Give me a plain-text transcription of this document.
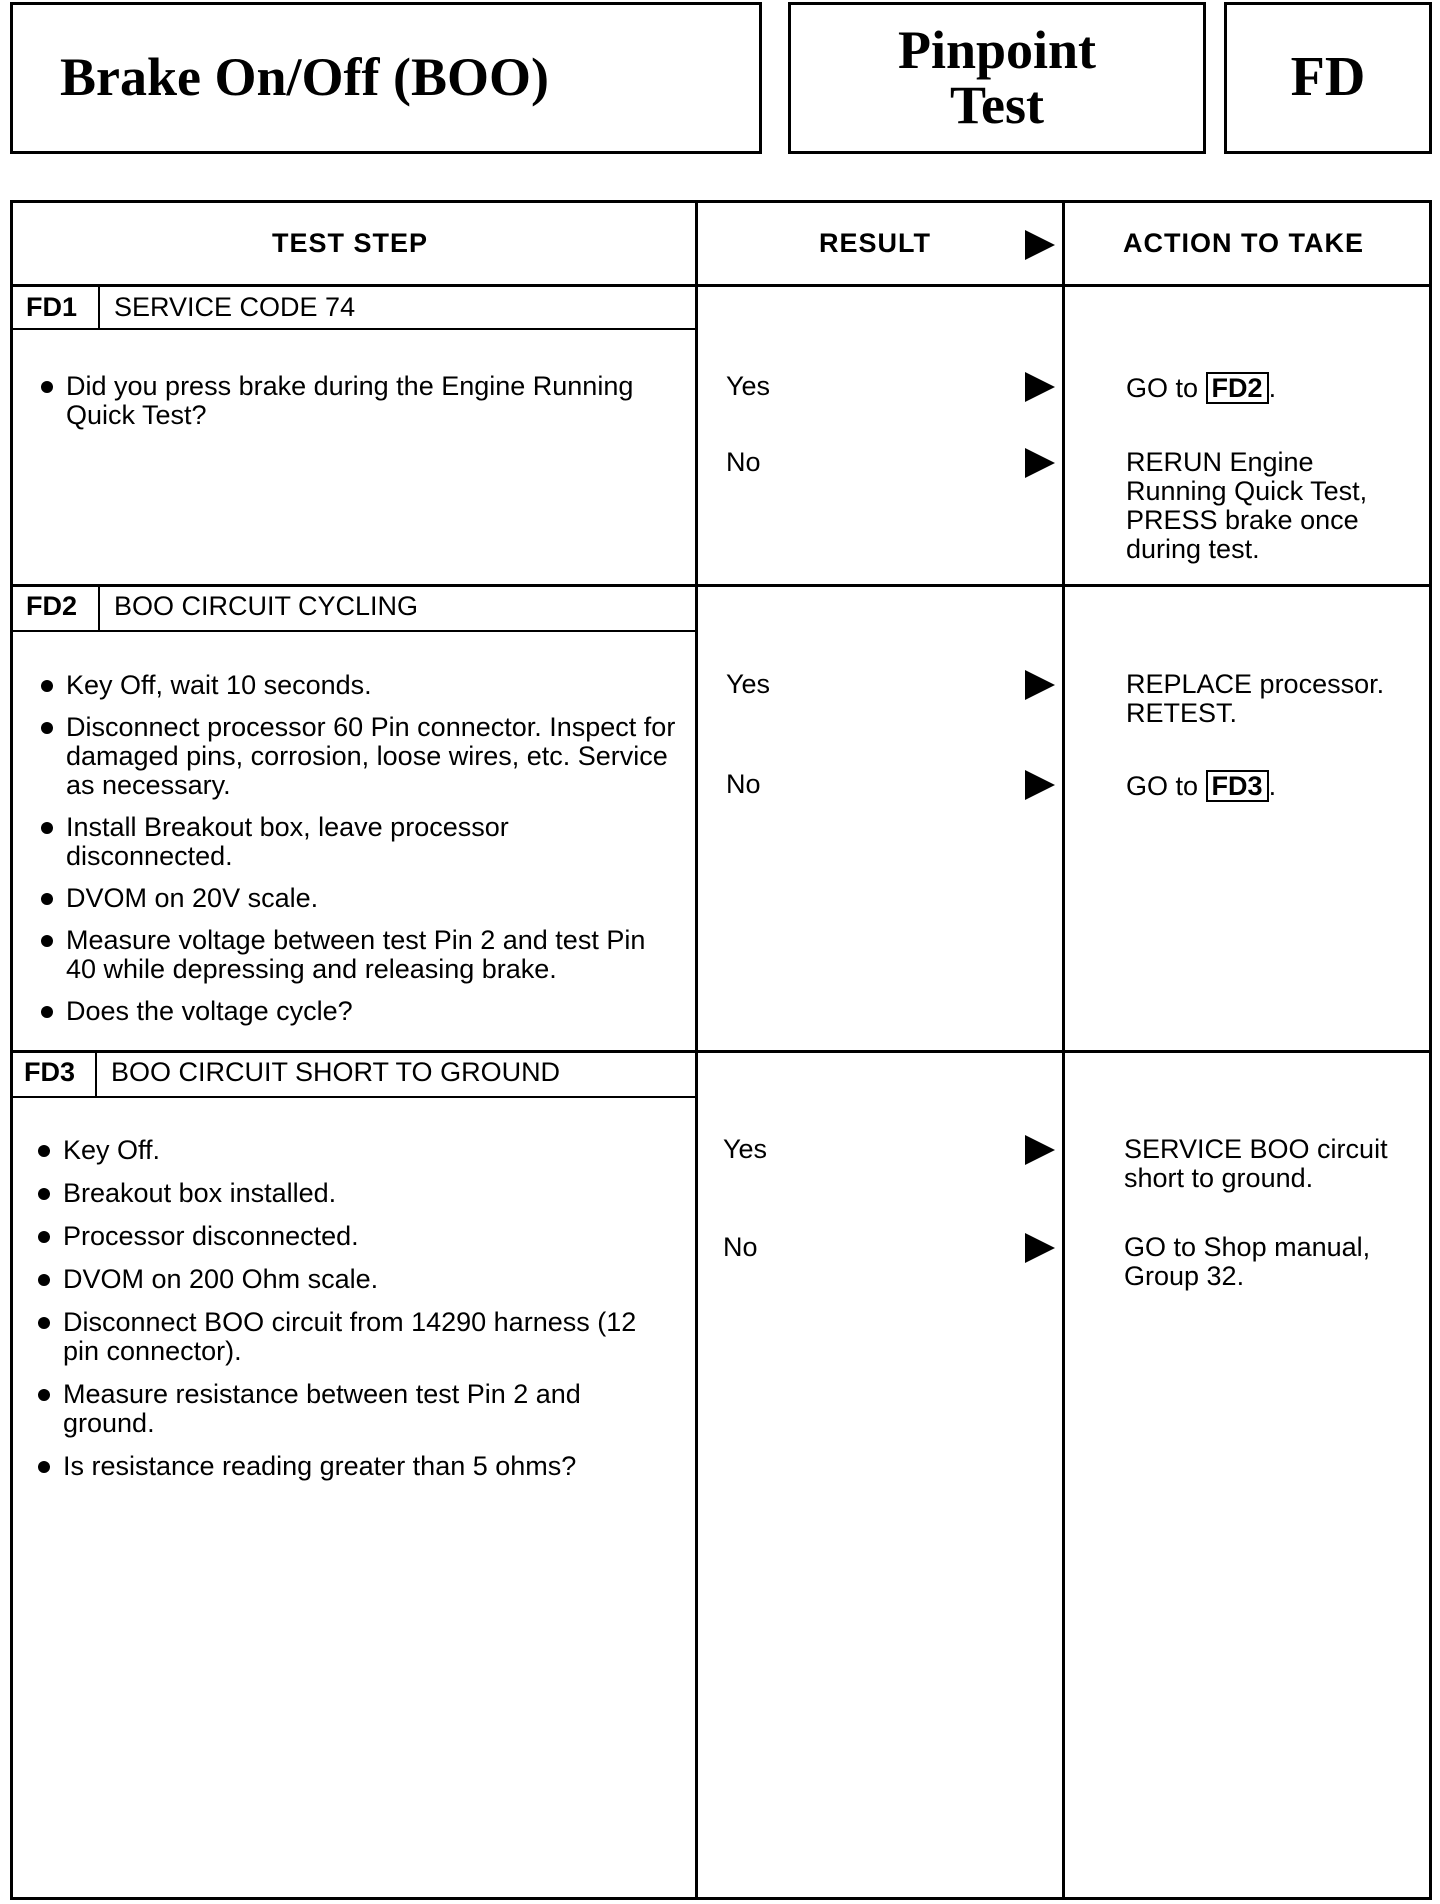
Brake On/Off (BOO)	Pinpoint
Test	FD
TEST STEP	RESULT	ACTION TO TAKE
FD1 SERVICE CODE 74
Did you press brake during the Engine Running Quick Test?
Yes	GO to FD2 .
No	RERUN Engine Running Quick Test, PRESS brake once during test.
FD2 BOO CIRCUIT CYCLING
Key Off, wait 10 seconds.
Disconnect processor 60 Pin connector. Inspect for damaged pins, corrosion, loose wires, etc. Service as necessary.
Install Breakout box, leave processor disconnected.
DVOM on 20V scale.
Measure voltage between test Pin 2 and test Pin 40 while depressing and releasing brake.
Does the voltage cycle?
Yes	REPLACE processor. RETEST.
No	GO to FD3 .
FD3 BOO CIRCUIT SHORT TO GROUND
Key Off.
Breakout box installed.
Processor disconnected.
DVOM on 200 Ohm scale.
Disconnect BOO circuit from 14290 harness (12 pin connector).
Measure resistance between test Pin 2 and ground.
Is resistance reading greater than 5 ohms?
Yes	SERVICE BOO circuit short to ground.
No	GO to Shop manual, Group 32.
